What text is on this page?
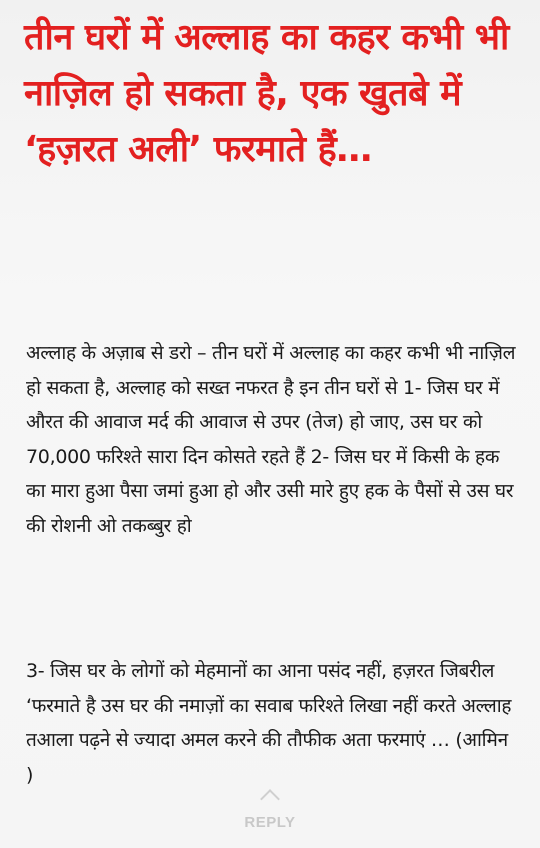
तीन घरों में अल्लाह का कहर कभी भी नाज़िल हो सकता है, एक खुतबे में ‘हज़रत अली’ फरमाते हैं…

अल्लाह के अज़ाब से डरो – तीन घरों में अल्लाह का कहर कभी भी नाज़िल हो सकता है, अल्लाह को सख्त नफरत है इन तीन घरों से 1- जिस घर में औरत की आवाज मर्द की आवाज से उपर (तेज) हो जाए, उस घर को 70,000 फरिश्ते सारा दिन कोसते रहते हैं 2- जिस घर में किसी के हक का मारा हुआ पैसा जमां हुआ हो और उसी मारे हुए हक के पैसों से उस घर की रोशनी ओ तकब्बुर हो

3- जिस घर के लोगों को मेहमानों का आना पसंद नहीं, हज़रत जिबरील ‘फरमाते है उस घर की नमाज़ों का सवाब फरिश्ते लिखा नहीं करते अल्लाह तआला पढ़ने से ज्यादा अमल करने की तौफीक अता फरमाएं … (आमिन )

REPLY
